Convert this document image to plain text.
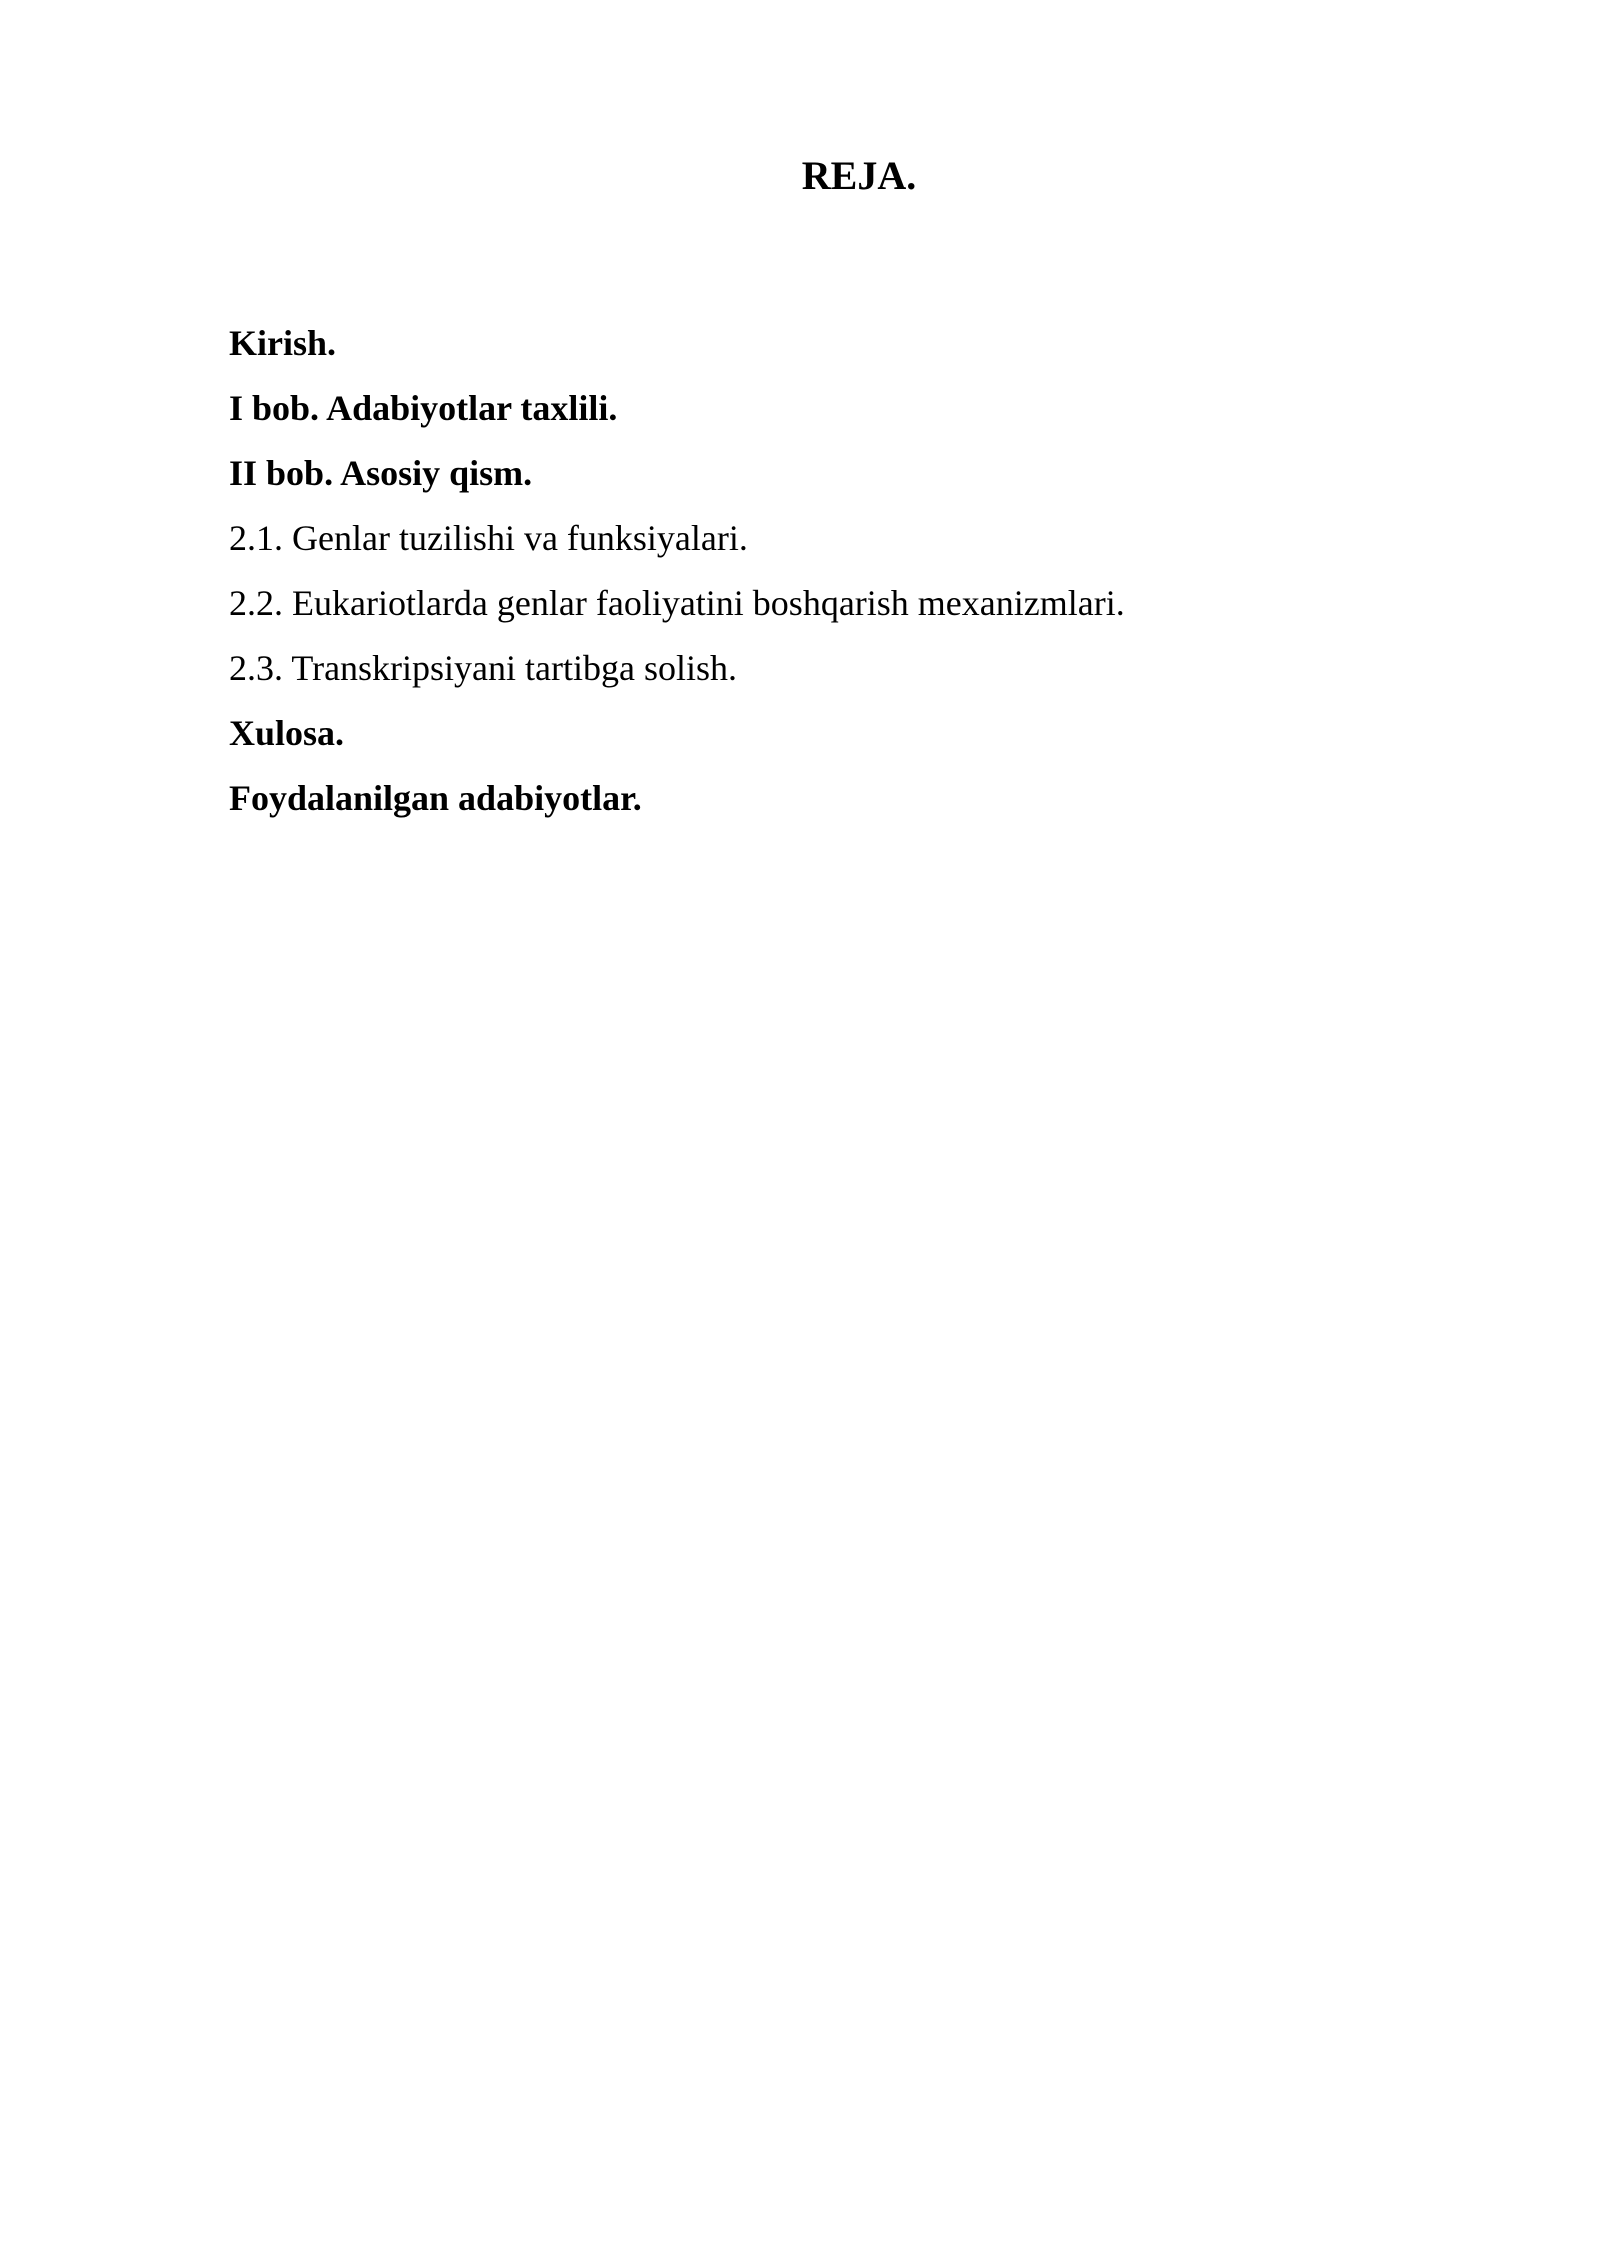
REJA.
Kirish.
I bob. Adabiyotlar taxlili.
II bob. Asosiy qism.
2.1. Genlar tuzilishi va funksiyalari.
2.2. Eukariotlarda genlar faoliyatini boshqarish mexanizmlari.
2.3. Transkripsiyani tartibga solish.
Xulosa.
Foydalanilgan adabiyotlar.
